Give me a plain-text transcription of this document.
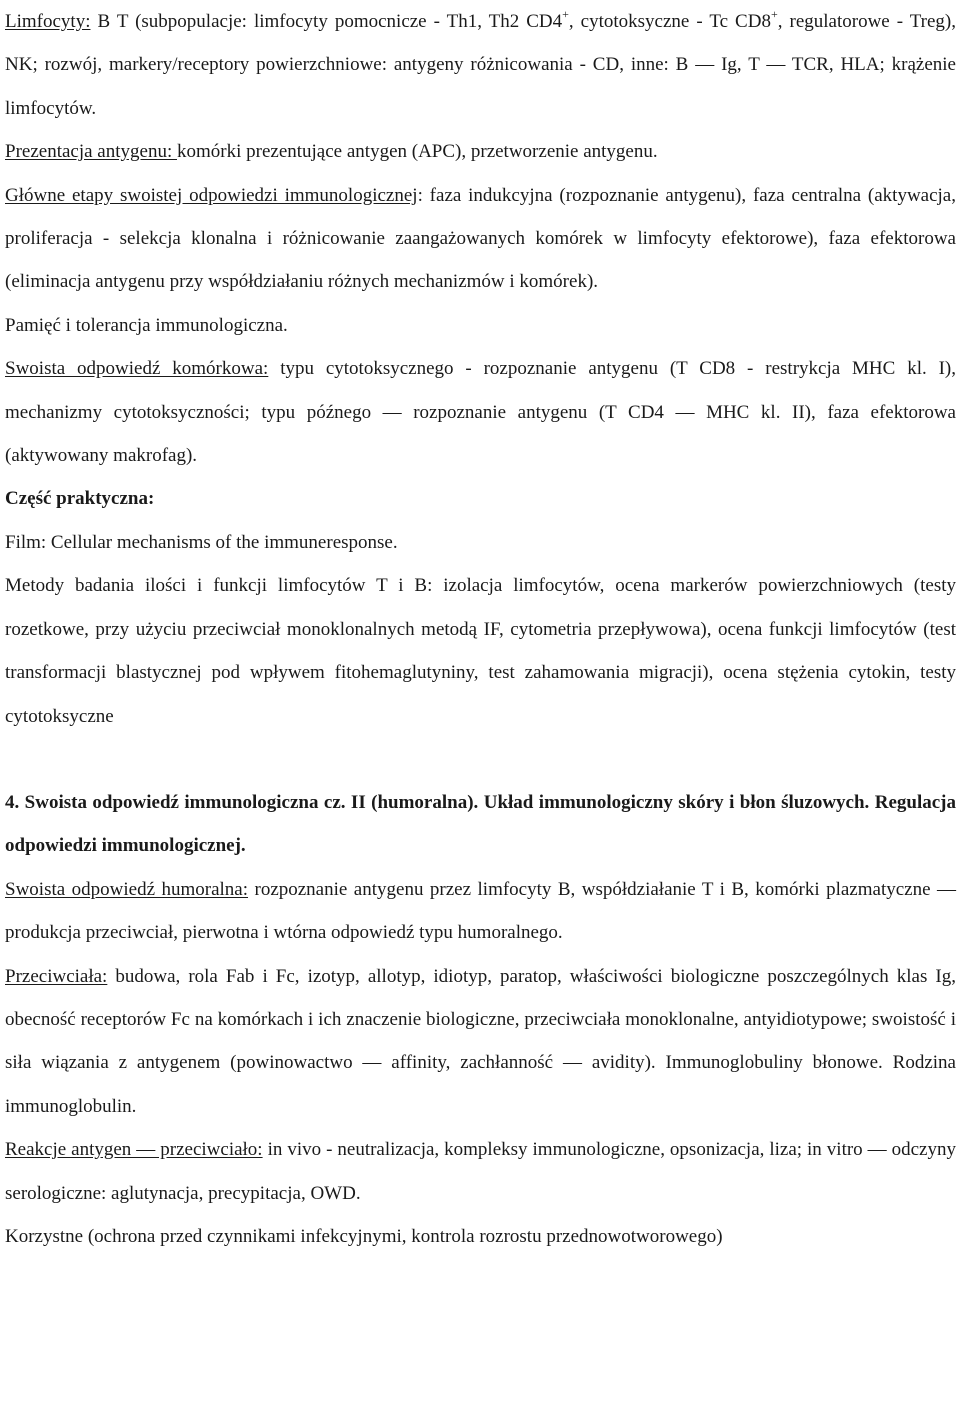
Limfocyty: B T (subpopulacje: limfocyty pomocnicze - Th1, Th2 CD4+, cytotoksyczne - Tc CD8+, regulatorowe - Treg), NK; rozwój, markery/receptory powierzchniowe: antygeny różnicowania - CD, inne: B ― Ig, T ― TCR, HLA; krążenie limfocytów.

Prezentacja antygenu: komórki prezentujące antygen (APC), przetworzenie antygenu.

Główne etapy swoistej odpowiedzi immunologicznej: faza indukcyjna (rozpoznanie antygenu), faza centralna (aktywacja, proliferacja - selekcja klonalna i różnicowanie zaangażowanych komórek w limfocyty efektorowe), faza efektorowa (eliminacja antygenu przy współdziałaniu różnych mechanizmów i komórek).

Pamięć i tolerancja immunologiczna.

Swoista odpowiedź komórkowa: typu cytotoksycznego - rozpoznanie antygenu (T CD8 - restrykcja MHC kl. I), mechanizmy cytotoksyczności; typu późnego ― rozpoznanie antygenu (T CD4 ― MHC kl. II), faza efektorowa (aktywowany makrofag).

Część praktyczna:

Film: Cellular mechanisms of the immuneresponse.

Metody badania ilości i funkcji limfocytów T i B: izolacja limfocytów, ocena markerów powierzchniowych (testy rozetkowe, przy użyciu przeciwciał monoklonalnych metodą IF, cytometria przepływowa), ocena funkcji limfocytów (test transformacji blastycznej pod wpływem fitohemaglutyniny, test zahamowania migracji), ocena stężenia cytokin, testy cytotoksyczne

4. Swoista odpowiedź immunologiczna cz. II (humoralna). Układ immunologiczny skóry i błon śluzowych. Regulacja odpowiedzi immunologicznej.

Swoista odpowiedź humoralna: rozpoznanie antygenu przez limfocyty B, współdziałanie T i B, komórki plazmatyczne ― produkcja przeciwciał, pierwotna i wtórna odpowiedź typu humoralnego.

Przeciwciała: budowa, rola Fab i Fc, izotyp, allotyp, idiotyp, paratop, właściwości biologiczne poszczególnych klas Ig, obecność receptorów Fc na komórkach i ich znaczenie biologiczne, przeciwciała monoklonalne, antyidiotypowe; swoistość i siła wiązania z antygenem (powinowactwo ― affinity, zachłanność ― avidity). Immunoglobuliny błonowe. Rodzina immunoglobulin.

Reakcje antygen ― przeciwciało: in vivo - neutralizacja, kompleksy immunologiczne, opsonizacja, liza; in vitro ― odczyny serologiczne: aglutynacja, precypitacja, OWD.

Korzystne (ochrona przed czynnikami infekcyjnymi, kontrola rozrostu przednowotworowego)
